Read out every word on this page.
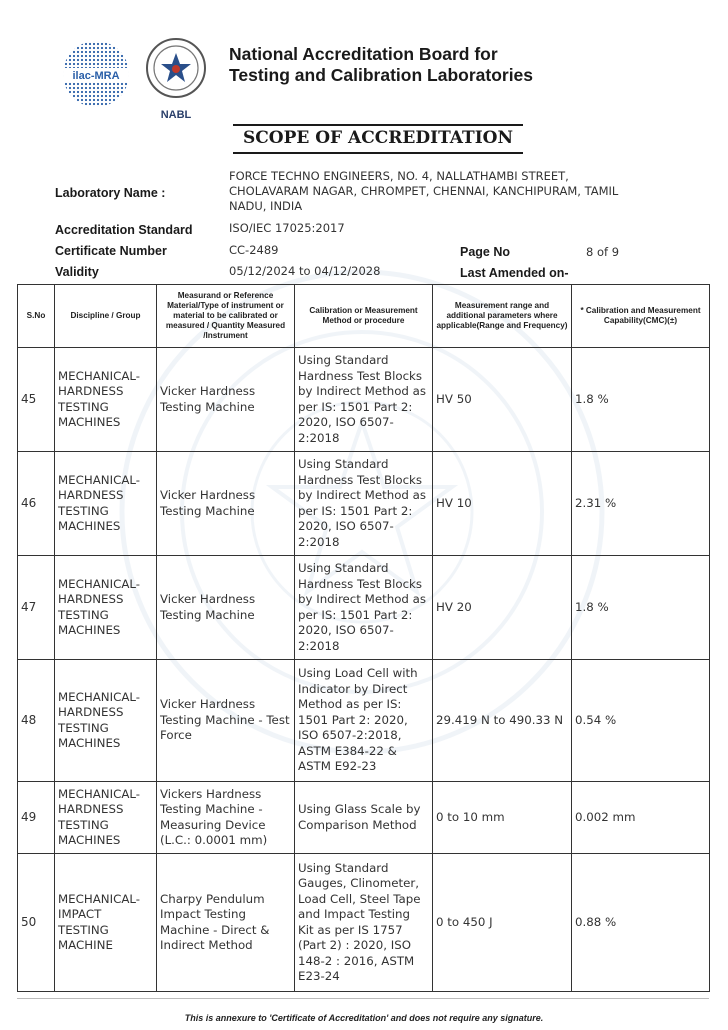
ilac-MRA
NABL
National Accreditation Board for
Testing and Calibration Laboratories
SCOPE OF ACCREDITATION
Laboratory Name :
FORCE TECHNO ENGINEERS, NO. 4, NALLATHAMBI STREET,
CHOLAVARAM NAGAR, CHROMPET, CHENNAI, KANCHIPURAM, TAMIL
NADU, INDIA
Accreditation Standard	ISO/IEC 17025:2017
Certificate Number	CC-2489	Page No	8 of 9
Validity	05/12/2024 to 04/12/2028	Last Amended on-
S.No	Discipline / Group	Measurand or Reference Material/Type of instrument or material to be calibrated or measured / Quantity Measured /Instrument	Calibration or Measurement Method or procedure	Measurement range and additional parameters where applicable(Range and Frequency)	* Calibration and Measurement Capability(CMC)(±)
45	MECHANICAL- HARDNESS TESTING MACHINES	Vicker Hardness Testing Machine	Using Standard Hardness Test Blocks by Indirect Method as per IS: 1501 Part 2: 2020, ISO 6507-2:2018	HV 50	1.8 %
46	MECHANICAL- HARDNESS TESTING MACHINES	Vicker Hardness Testing Machine	Using Standard Hardness Test Blocks by Indirect Method as per IS: 1501 Part 2: 2020, ISO 6507-2:2018	HV 10	2.31 %
47	MECHANICAL- HARDNESS TESTING MACHINES	Vicker Hardness Testing Machine	Using Standard Hardness Test Blocks by Indirect Method as per IS: 1501 Part 2: 2020, ISO 6507-2:2018	HV 20	1.8 %
48	MECHANICAL- HARDNESS TESTING MACHINES	Vicker Hardness Testing Machine - Test Force	Using Load Cell with Indicator by Direct Method as per IS: 1501 Part 2: 2020, ISO 6507-2:2018, ASTM E384-22 & ASTM E92-23	29.419 N to 490.33 N	0.54 %
49	MECHANICAL- HARDNESS TESTING MACHINES	Vickers Hardness Testing Machine - Measuring Device (L.C.: 0.0001 mm)	Using Glass Scale by Comparison Method	0 to 10 mm	0.002 mm
50	MECHANICAL- IMPACT TESTING MACHINE	Charpy Pendulum Impact Testing Machine - Direct & Indirect Method	Using Standard Gauges, Clinometer, Load Cell, Steel Tape and Impact Testing Kit as per IS 1757 (Part 2) : 2020, ISO 148-2 : 2016, ASTM E23-24	0 to 450 J	0.88 %
This is annexure to 'Certificate of Accreditation' and does not require any signature.
